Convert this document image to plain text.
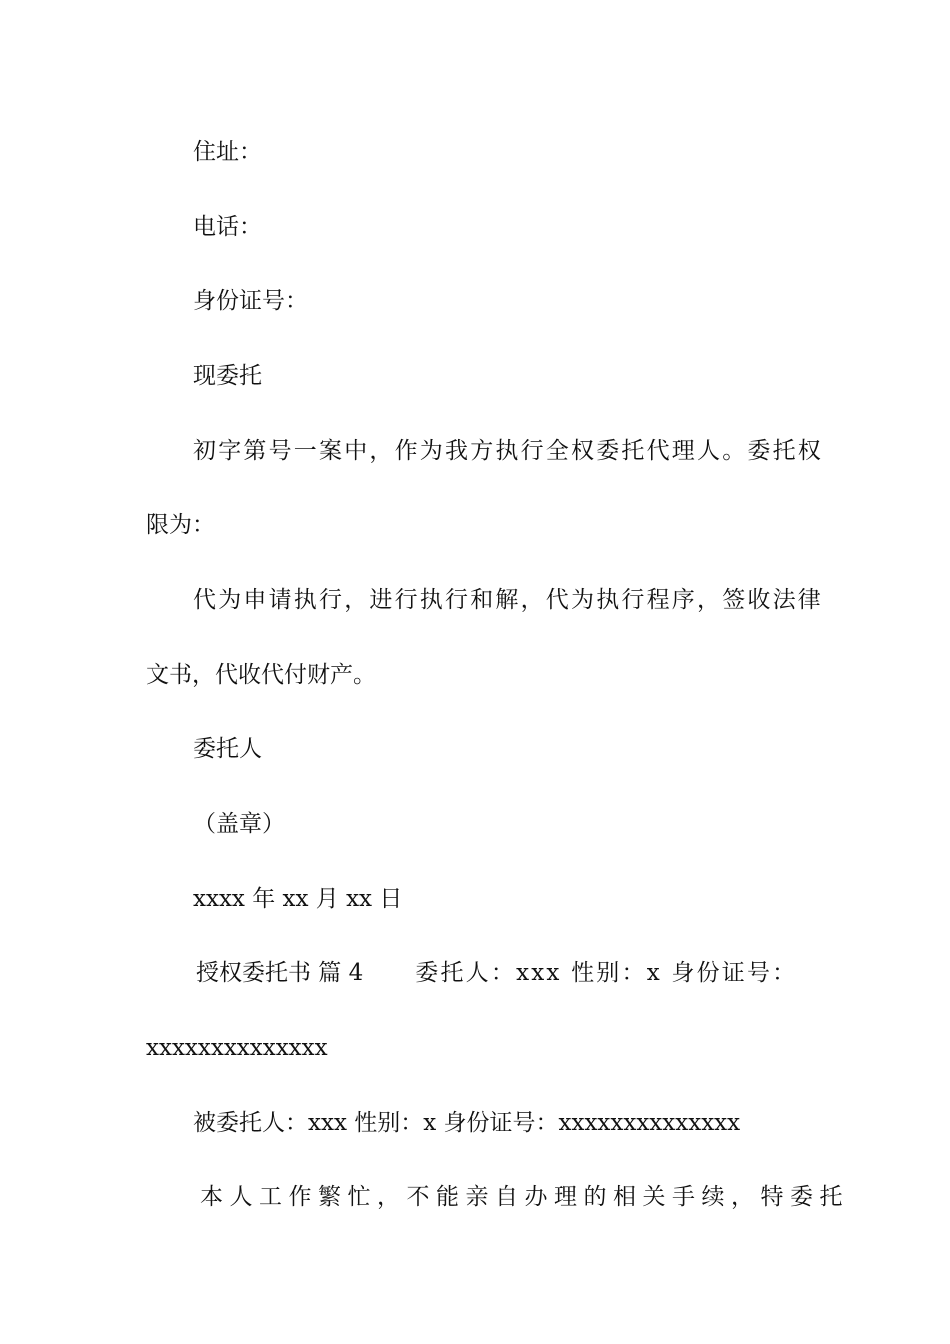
住址：
电话：
身份证号：
现委托
初字第号一案中，作为我方执行全权委托代理人。委托权
限为：
代为申请执行，进行执行和解，代为执行程序，签收法律
文书，代收代付财产。
委托人
（盖章）
xxxx 年 xx 月 xx 日
授权委托书 篇 4 委托人：xxx 性别：x 身份证号：
xxxxxxxxxxxxxx
被委托人：xxx 性别：x 身份证号：xxxxxxxxxxxxxx
本人工作繁忙，不能亲自办理的相关手续，特委托
